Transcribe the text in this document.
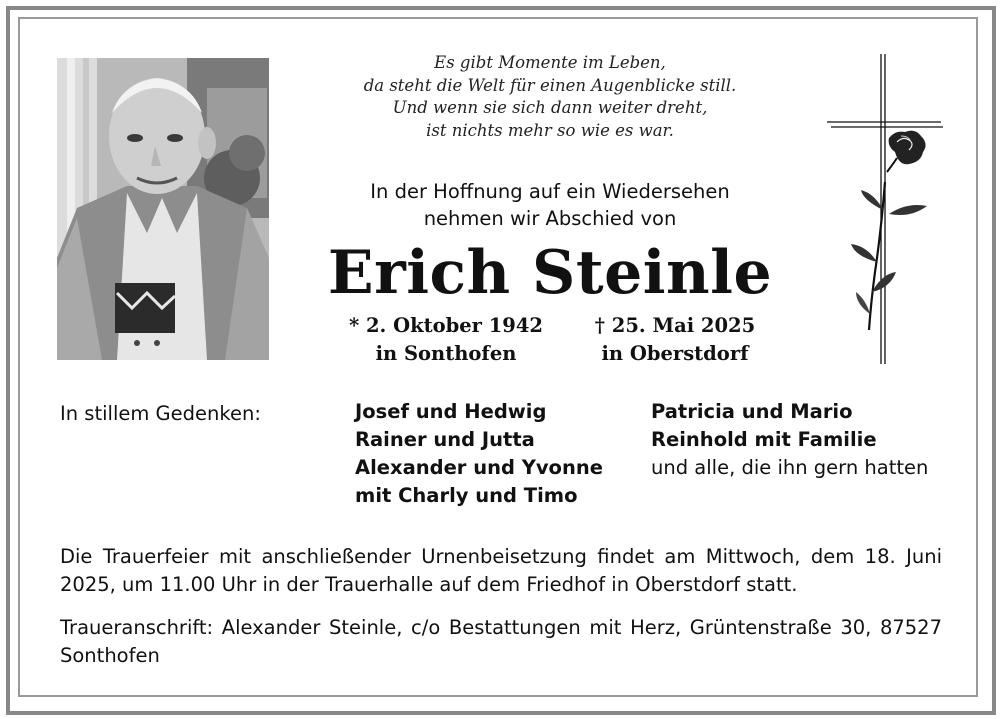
Es gibt Momente im Leben,
da steht die Welt für einen Augenblicke still.
Und wenn sie sich dann weiter dreht,
ist nichts mehr so wie es war.
In der Hoffnung auf ein Wiedersehen
nehmen wir Abschied von
Erich Steinle
* 2. Oktober 1942
in Sonthofen
† 25. Mai 2025
in Oberstdorf
In stillem Gedenken:	Josef und Hedwig
Rainer und Jutta
Alexander und Yvonne
mit Charly und Timo
Patricia und Mario
Reinhold mit Familie
und alle, die ihn gern hatten
Die Trauerfeier mit anschließender Urnenbeisetzung findet am Mittwoch, dem 18. Juni 2025, um 11.00 Uhr in der Trauerhalle auf dem Friedhof in Oberstdorf statt.
Traueranschrift: Alexander Steinle, c/o Bestattungen mit Herz, Grüntenstraße 30, 87527 Sonthofen
